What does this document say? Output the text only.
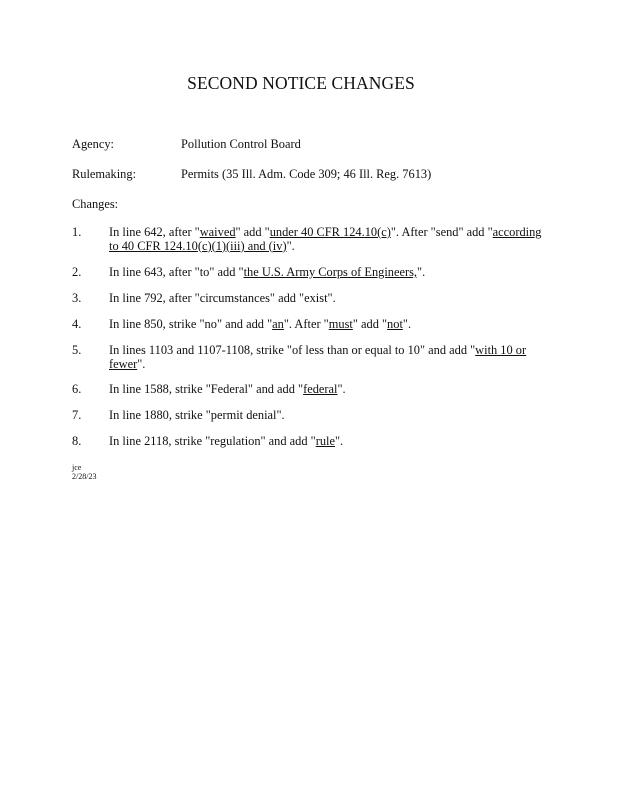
SECOND NOTICE CHANGES
Agency:	Pollution Control Board
Rulemaking:	Permits (35 Ill. Adm. Code 309; 46 Ill. Reg. 7613)
Changes:
1. In line 642, after "waived" add "under 40 CFR 124.10(c)". After "send" add "according to 40 CFR 124.10(c)(1)(iii) and (iv)".
2. In line 643, after "to" add "the U.S. Army Corps of Engineers,".
3. In line 792, after "circumstances" add "exist".
4. In line 850, strike "no" and add "an". After "must" add "not".
5. In lines 1103 and 1107-1108, strike "of less than or equal to 10" and add "with 10 or fewer".
6. In line 1588, strike "Federal" and add "federal".
7. In line 1880, strike "permit denial".
8. In line 2118, strike "regulation" and add "rule".
jce
2/28/23
